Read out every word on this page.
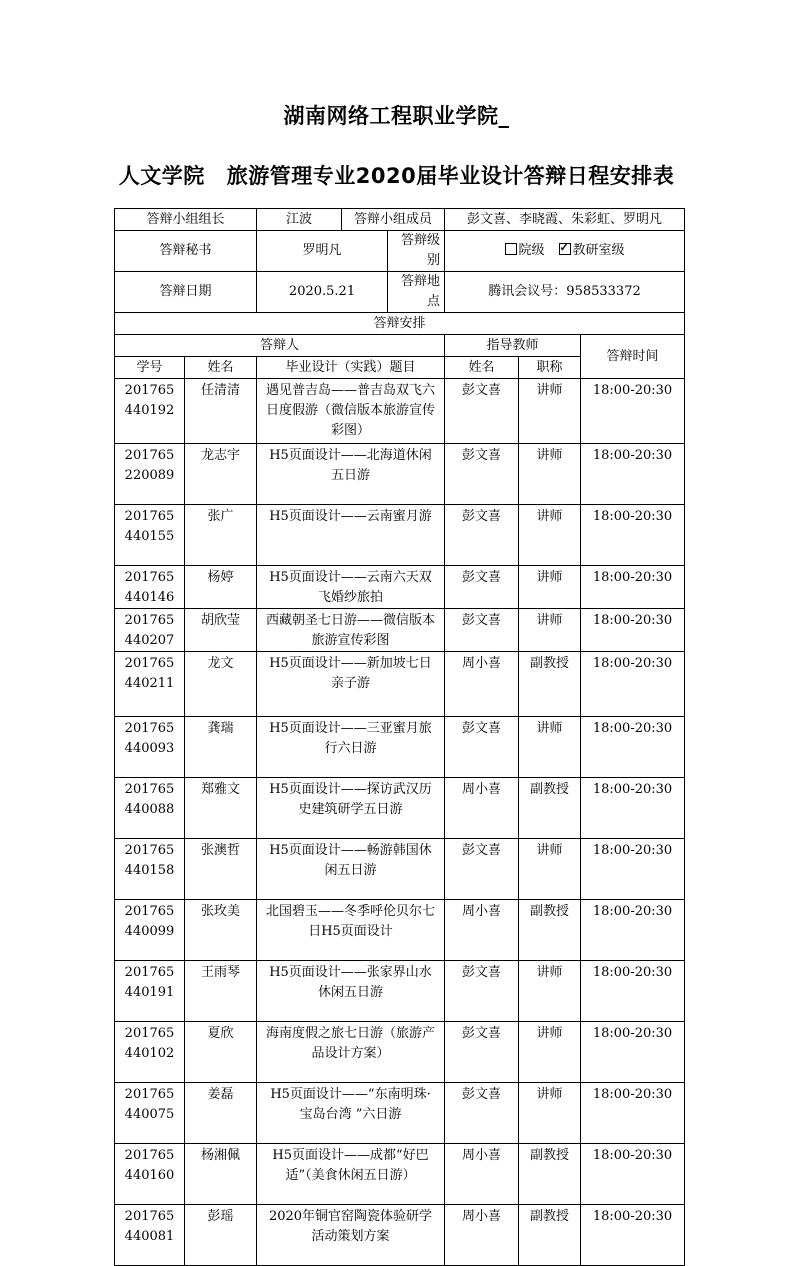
湖南网络工程职业学院_
人文学院 旅游管理专业2020届毕业设计答辩日程安排表
答辩小组组长		江波	答辩小组成员
		彭文喜、李晓霞、朱彩虹、罗明凡
答辩秘书		罗明凡	答辩级别
	院级✓ 教研室级
答辩日期		2020.5.21	答辩地点
	腾讯会议号：958533372
答辩安排
答辩人	指导教师	答辩时间
学号	姓名	毕业设计（实践）题目	姓名	职称
201765440192	任清清	遇见普吉岛——普吉岛双飞六日度假游（微信版本旅游宣传彩图）	彭文喜	讲师	18:00-20:30
201765220089	龙志宇	H5页面设计——北海道休闲五日游	彭文喜	讲师	18:00-20:30
201765440155	张广	H5页面设计——云南蜜月游	彭文喜	讲师	18:00-20:30
201765440146	杨婷	H5页面设计——云南六天双飞婚纱旅拍	彭文喜	讲师	18:00-20:30
201765440207	胡欣莹	西藏朝圣七日游——微信版本旅游宣传彩图	彭文喜	讲师	18:00-20:30
201765440211	龙文	H5页面设计——新加坡七日亲子游	周小喜	副教授	18:00-20:30
201765440093	龚瑞	H5页面设计——三亚蜜月旅行六日游	彭文喜	讲师	18:00-20:30
201765440088	郑雅文	H5页面设计——探访武汉历史建筑研学五日游	周小喜	副教授	18:00-20:30
201765440158	张澳哲	H5页面设计——畅游韩国休闲五日游	彭文喜	讲师	18:00-20:30
201765440099	张玫美	北国碧玉——冬季呼伦贝尔七日H5页面设计	周小喜	副教授	18:00-20:30
201765440191	王雨琴	H5页面设计——张家界山水休闲五日游	彭文喜	讲师	18:00-20:30
201765440102	夏欣	海南度假之旅七日游（旅游产品设计方案）	彭文喜	讲师	18:00-20:30
201765440075	姜磊	H5页面设计——“东南明珠·宝岛台湾 ”六日游	彭文喜	讲师	18:00-20:30
201765440160	杨湘佩	H5页面设计——成都“好巴适”（美食休闲五日游）	周小喜	副教授	18:00-20:30
201765440081	彭瑶	2020年铜官窑陶瓷体验研学活动策划方案	周小喜	副教授	18:00-20:30
